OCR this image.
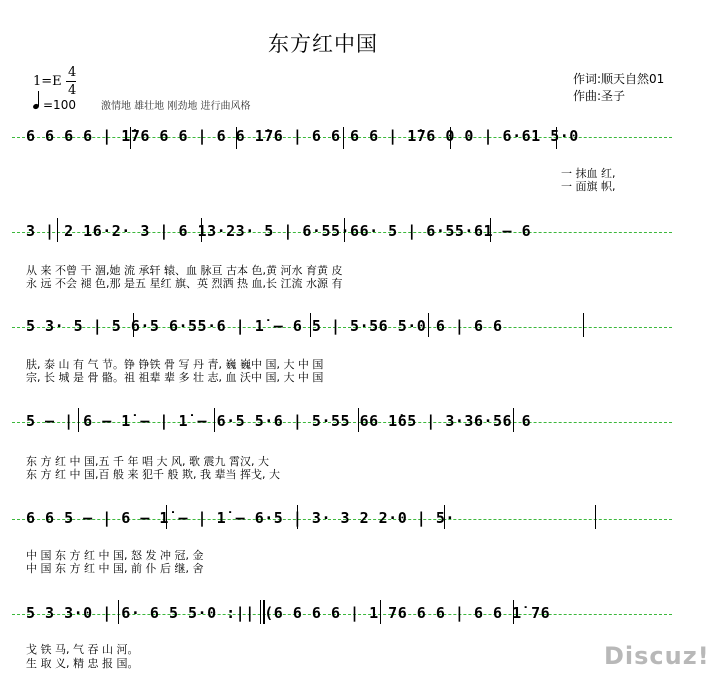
东方红中国
1=E
4
4
=100	激情地 雄壮地 刚劲地 进行曲风格
作词:顺天自然01
作曲:圣子
6 6 6 6 | 1̇76 6 6 | 6 6 1̇76 | 6 6 6 6 | 1̇76 0 0 | 6·61 5·0
一 抹血 红,
一 面旗 帜,
3 | 2 16·2· 3 | 6 13·23· 5 | 6·55·66· 5 | 6·55·61 — 6
从 来 不曾 干 涸,她 流 承轩 辕、血 脉亘 古本 色,黄 河水 育黄 皮
永 远 不会 褪 色,那 是五 星红 旗、英 烈洒 热 血,长 江流 水源 有
5 3· 5 | 5 6·5 6·55·6 | 1̇ — 6 5 | 5·56 5·0 6 | 6 6
肤, 泰 山 有 气 节。铮 铮铁 骨 写 丹 青, 巍 巍中 国, 大 中 国
宗, 长 城 是 骨 骼。祖 祖辈 辈 多 壮 志, 血 沃中 国, 大 中 国
5 — | 6 — 1̇ — | 1̇ — 6·5 5·6 | 5·55 66 1̇65 | 3·36·56 6
东 方 红 中 国,五 千 年 唱 大 风, 歌 震九 霄汉, 大
东 方 红 中 国,百 般 来 犯千 般 欺, 我 辈当 挥戈, 大
6 6 5 — | 6 — 1̇ — | 1̇ — 6·5 | 3· 3 2 2·0 | 5·
中 国 东 方 红 中 国, 怒 发 冲 冠, 金
中 国 东 方 红 中 国, 前 仆 后 继, 舍
5 3 3·0 | 6· 6 5 5·0 :|| (6 6 6 6 | 1 76 6 6 | 6 6 1̇ 76
戈 铁 马, 气 吞 山 河。
生 取 义, 精 忠 报 国。	Discuz!
